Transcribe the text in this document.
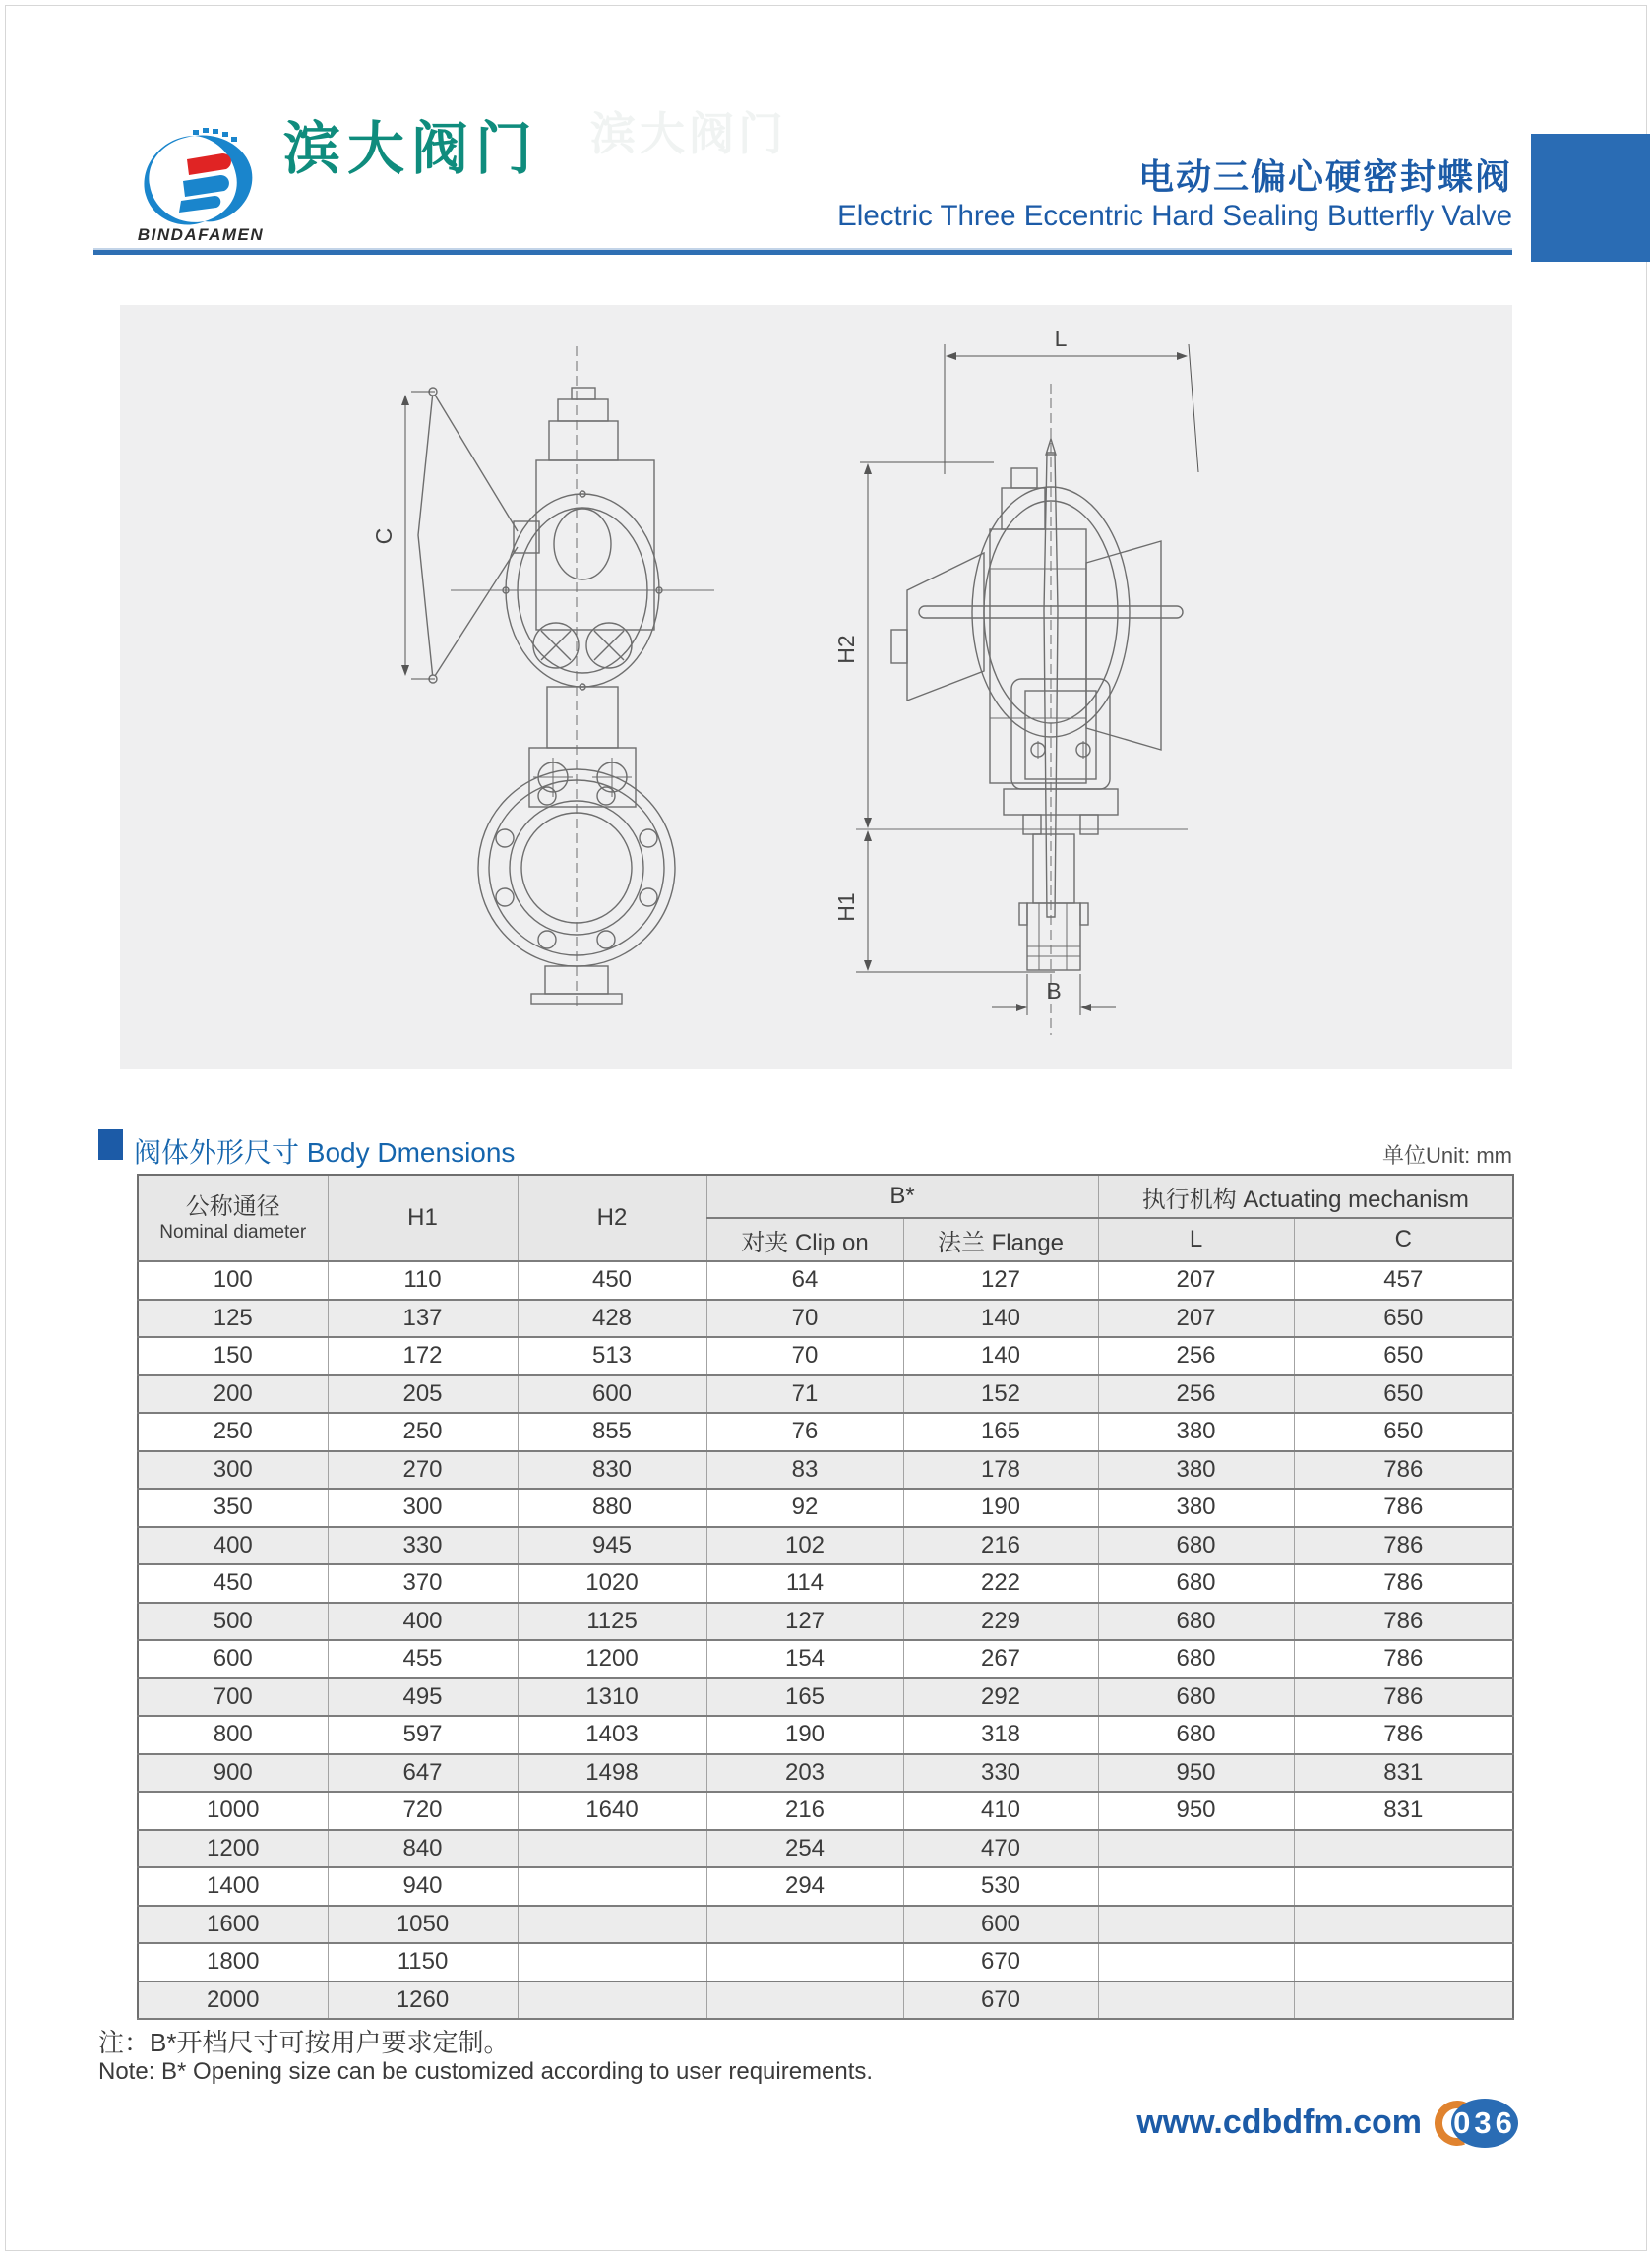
BINDAFAMEN
滨大阀门 滨大阀门
电动三偏心硬密封蝶阀
Electric Three Eccentric Hard Sealing Butterfly Valve
C
L
H2
H1
B
阀体外形尺寸 Body Dmensions	单位Unit: mm
公称通径
Nominal diameter	H1	H2	B*		执行机构 Actuating mechanism	
			对夹 Clip on	法兰 Flange	L	C
100	110	450	64	127	207	457
125	137	428	70	140	207	650
150	172	513	70	140	256	650
200	205	600	71	152	256	650
250	250	855	76	165	380	650
300	270	830	83	178	380	786
350	300	880	92	190	380	786
400	330	945	102	216	680	786
450	370	1020	114	222	680	786
500	400	1125	127	229	680	786
600	455	1200	154	267	680	786
700	495	1310	165	292	680	786
800	597	1403	190	318	680	786
900	647	1498	203	330	950	831
1000	720	1640	216	410	950	831
1200	840		254	470		
1400	940		294	530		
1600	1050			600		
1800	1150			670		
2000	1260			670		
注：B*开档尺寸可按用户要求定制。
Note: B* Opening size can be customized according to user requirements.
www.cdbdfm.com 036
